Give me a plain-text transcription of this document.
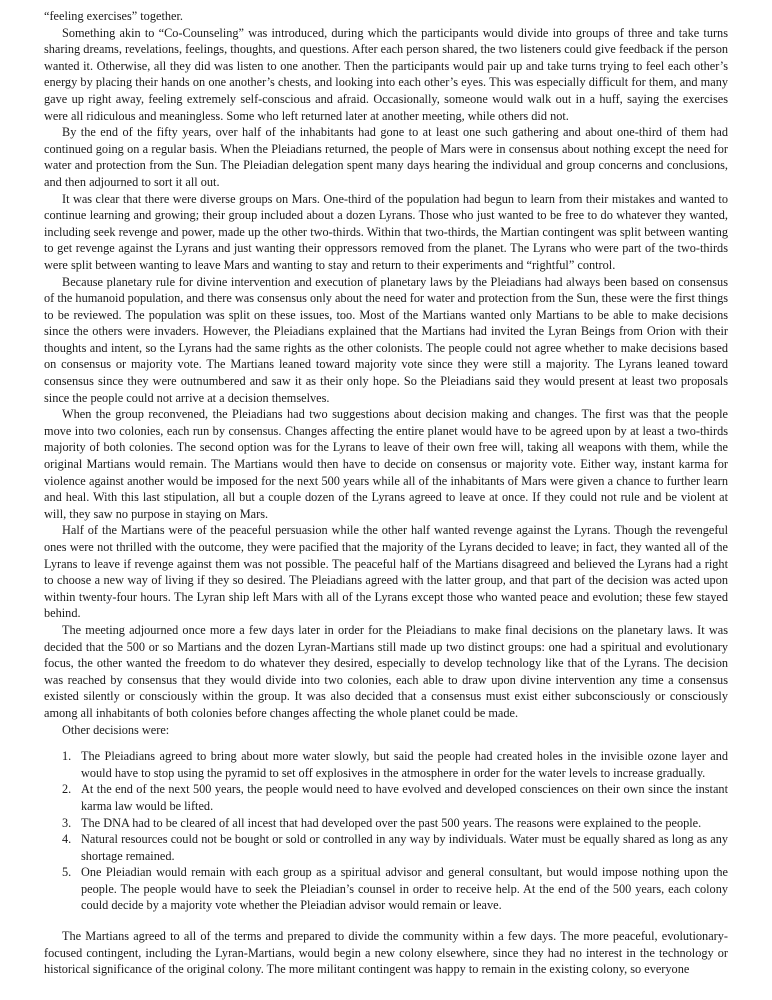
“feeling exercises” together.

Something akin to “Co-Counseling” was introduced, during which the participants would divide into groups of three and take turns sharing dreams, revelations, feelings, thoughts, and questions. After each person shared, the two listeners could give feedback if the person wanted it. Otherwise, all they did was listen to one another. Then the participants would pair up and take turns trying to feel each other’s energy by placing their hands on one another’s chests, and looking into each other’s eyes. This was especially difficult for them, and many gave up right away, feeling extremely self-conscious and afraid. Occasionally, someone would walk out in a huff, saying the exercises were all ridiculous and meaningless. Some who left returned later at another meeting, while others did not.

By the end of the fifty years, over half of the inhabitants had gone to at least one such gathering and about one-third of them had continued going on a regular basis. When the Pleiadians returned, the people of Mars were in consensus about nothing except the need for water and protection from the Sun. The Pleiadian delegation spent many days hearing the individual and group concerns and conclusions, and then adjourned to sort it all out.

It was clear that there were diverse groups on Mars. One-third of the population had begun to learn from their mistakes and wanted to continue learning and growing; their group included about a dozen Lyrans. Those who just wanted to be free to do whatever they wanted, including seek revenge and power, made up the other two-thirds. Within that two-thirds, the Martian contingent was split between wanting to get revenge against the Lyrans and just wanting their oppressors removed from the planet. The Lyrans who were part of the two-thirds were split between wanting to leave Mars and wanting to stay and return to their experiments and “rightful” control.

Because planetary rule for divine intervention and execution of planetary laws by the Pleiadians had always been based on consensus of the humanoid population, and there was consensus only about the need for water and protection from the Sun, these were the first things to be reviewed. The population was split on these issues, too. Most of the Martians wanted only Martians to be able to make decisions since the others were invaders. However, the Pleiadians explained that the Martians had invited the Lyran Beings from Orion with their thoughts and intent, so the Lyrans had the same rights as the other colonists. The people could not agree whether to make decisions based on consensus or majority vote. The Martians leaned toward majority vote since they were still a majority. The Lyrans leaned toward consensus since they were outnumbered and saw it as their only hope. So the Pleiadians said they would present at least two proposals since the people could not arrive at a decision themselves.

When the group reconvened, the Pleiadians had two suggestions about decision making and changes. The first was that the people move into two colonies, each run by consensus. Changes affecting the entire planet would have to be agreed upon by at least a two-thirds majority of both colonies. The second option was for the Lyrans to leave of their own free will, taking all weapons with them, while the original Martians would remain. The Martians would then have to decide on consensus or majority vote. Either way, instant karma for violence against another would be imposed for the next 500 years while all of the inhabitants of Mars were given a chance to further learn and heal. With this last stipulation, all but a couple dozen of the Lyrans agreed to leave at once. If they could not rule and be violent at will, they saw no purpose in staying on Mars.

Half of the Martians were of the peaceful persuasion while the other half wanted revenge against the Lyrans. Though the revengeful ones were not thrilled with the outcome, they were pacified that the majority of the Lyrans decided to leave; in fact, they wanted all of the Lyrans to leave if revenge against them was not possible. The peaceful half of the Martians disagreed and believed the Lyrans had a right to choose a new way of living if they so desired. The Pleiadians agreed with the latter group, and that part of the decision was acted upon within twenty-four hours. The Lyran ship left Mars with all of the Lyrans except those who wanted peace and evolution; these few stayed behind.

The meeting adjourned once more a few days later in order for the Pleiadians to make final decisions on the planetary laws. It was decided that the 500 or so Martians and the dozen Lyran-Martians still made up two distinct groups: one had a spiritual and evolutionary focus, the other wanted the freedom to do whatever they desired, especially to develop technology like that of the Lyrans. The decision was reached by consensus that they would divide into two colonies, each able to draw upon divine intervention any time a consensus existed silently or consciously within the group. It was also decided that a consensus must exist either subconsciously or consciously among all inhabitants of both colonies before changes affecting the whole planet could be made.

Other decisions were:

1. The Pleiadians agreed to bring about more water slowly, but said the people had created holes in the invisible ozone layer and would have to stop using the pyramid to set off explosives in the atmosphere in order for the water levels to increase gradually.
2. At the end of the next 500 years, the people would need to have evolved and developed consciences on their own since the instant karma law would be lifted.
3. The DNA had to be cleared of all incest that had developed over the past 500 years. The reasons were explained to the people.
4. Natural resources could not be bought or sold or controlled in any way by individuals. Water must be equally shared as long as any shortage remained.
5. One Pleiadian would remain with each group as a spiritual advisor and general consultant, but would impose nothing upon the people. The people would have to seek the Pleiadian’s counsel in order to receive help. At the end of the 500 years, each colony could decide by a majority vote whether the Pleiadian advisor would remain or leave.

The Martians agreed to all of the terms and prepared to divide the community within a few days. The more peaceful, evolutionary-focused contingent, including the Lyran-Martians, would begin a new colony elsewhere, since they had no interest in the technology or historical significance of the original colony. The more militant contingent was happy to remain in the existing colony, so everyone
